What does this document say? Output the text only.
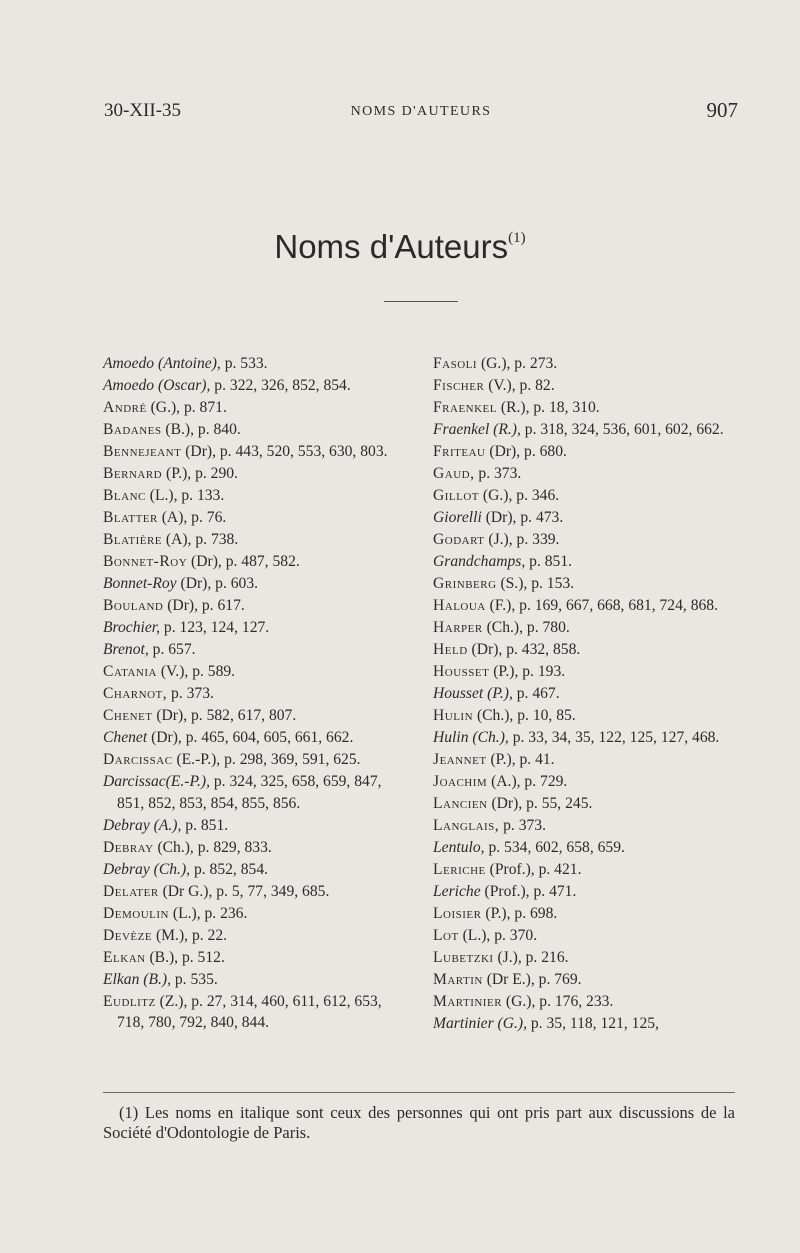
30-XII-35	NOMS D'AUTEURS	907
Noms d'Auteurs$^{(1)}$
Amoedo (Antoine), p. 533.
Amoedo (Oscar), p. 322, 326, 852, 854.
André (G.), p. 871.
Badanes (B.), p. 840.
Bennejeant (Dr), p. 443, 520, 553, 630, 803.
Bernard (P.), p. 290.
Blanc (L.), p. 133.
Blatter (A), p. 76.
Blatière (A), p. 738.
Bonnet-Roy (Dr), p. 487, 582.
Bonnet-Roy (Dr), p. 603.
Bouland (Dr), p. 617.
Brochier, p. 123, 124, 127.
Brenot, p. 657.
Catania (V.), p. 589.
Charnot, p. 373.
Chenet (Dr), p. 582, 617, 807.
Chenet (Dr), p. 465, 604, 605, 661, 662.
Darcissac (E.-P.), p. 298, 369, 591, 625.
Darcissac(E.-P.), p. 324, 325, 658, 659, 847, 851, 852, 853, 854, 855, 856.
Debray (A.), p. 851.
Debray (Ch.), p. 829, 833.
Debray (Ch.), p. 852, 854.
Delater (Dr G.), p. 5, 77, 349, 685.
Demoulin (L.), p. 236.
Devèze (M.), p. 22.
Elkan (B.), p. 512.
Elkan (B.), p. 535.
Eudlitz (Z.), p. 27, 314, 460, 611, 612, 653, 718, 780, 792, 840, 844.
Fasoli (G.), p. 273.
Fischer (V.), p. 82.
Fraenkel (R.), p. 18, 310.
Fraenkel (R.), p. 318, 324, 536, 601, 602, 662.
Friteau (Dr), p. 680.
Gaud, p. 373.
Gillot (G.), p. 346.
Giorelli (Dr), p. 473.
Godart (J.), p. 339.
Grandchamps, p. 851.
Grinberg (S.), p. 153.
Haloua (F.), p. 169, 667, 668, 681, 724, 868.
Harper (Ch.), p. 780.
Held (Dr), p. 432, 858.
Housset (P.), p. 193.
Housset (P.), p. 467.
Hulin (Ch.), p. 10, 85.
Hulin (Ch.), p. 33, 34, 35, 122, 125, 127, 468.
Jeannet (P.), p. 41.
Joachim (A.), p. 729.
Lancien (Dr), p. 55, 245.
Langlais, p. 373.
Lentulo, p. 534, 602, 658, 659.
Leriche (Prof.), p. 421.
Leriche (Prof.), p. 471.
Loisier (P.), p. 698.
Lot (L.), p. 370.
Lubetzki (J.), p. 216.
Martin (Dr E.), p. 769.
Martinier (G.), p. 176, 233.
Martinier (G.), p. 35, 118, 121, 125,
(1) Les noms en italique sont ceux des personnes qui ont pris part aux discussions de la Société d'Odontologie de Paris.
